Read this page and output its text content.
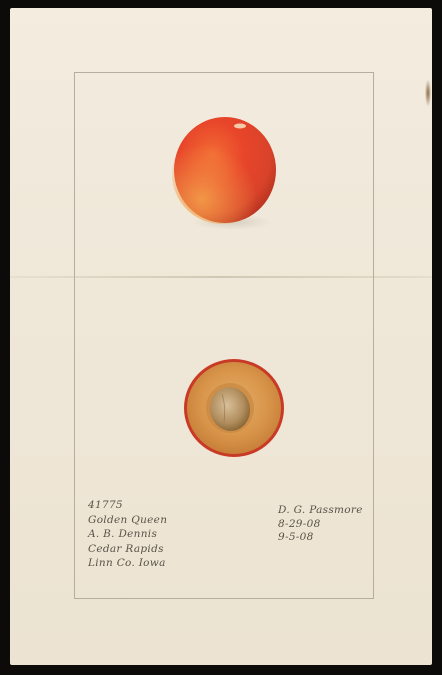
41775
Golden Queen
A. B. Dennis
Cedar Rapids
Linn Co. Iowa
D. G. Passmore
8-29-08
9-5-08
